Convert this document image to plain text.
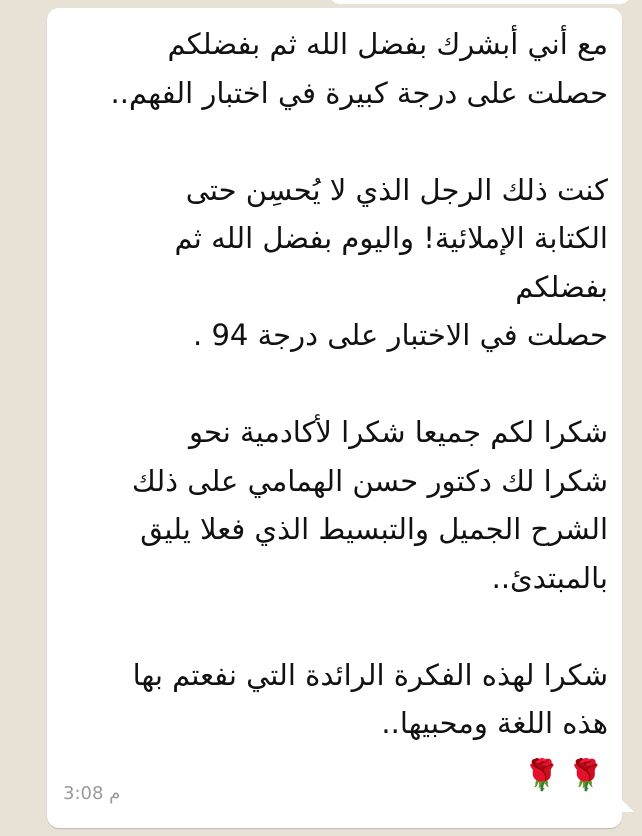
مع أني أبشرك بفضل الله ثم بفضلكم
حصلت على درجة كبيرة في اختبار الفهم..
كنت ذلك الرجل الذي لا يُحسِن حتى
الكتابة الإملائية! واليوم بفضل الله ثم
بفضلكم
حصلت في الاختبار على درجة 94 .
شكرا لكم جميعا شكرا لأكادمية نحو
شكرا لك دكتور حسن الهمامي على ذلك
الشرح الجميل والتبسيط الذي فعلا يليق
بالمبتدئ..
شكرا لهذه الفكرة الرائدة التي نفعتم بها
هذه اللغة ومحبيها..
🌹 🌹
3:08 م
